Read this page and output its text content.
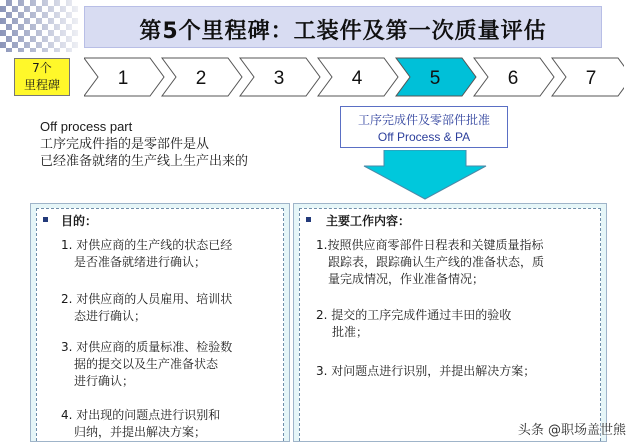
第5个里程碑：工装件及第一次质量评估
7个
里程碑	1	2	3	4	5	6	7
Off process part
工序完成件指的是零部件是从
已经准备就绪的生产线上生产出来的
工序完成件及零部件批准
Off Process & PA
目的：
1. 对供应商的生产线的状态已经
是否准备就绪进行确认；
2. 对供应商的人员雇用、培训状
态进行确认；
3. 对供应商的质量标准、检验数
据的提交以及生产准备状态
进行确认；
4. 对出现的问题点进行识别和
归纳，并提出解决方案；
主要工作内容：
1.按照供应商零部件日程表和关键质量指标
跟踪表，跟踪确认生产线的准备状态，质
量完成情况，作业准备情况；
2. 提交的工序完成件通过丰田的验收
批准；
3. 对问题点进行识别，并提出解决方案；
头条 @职场盖世熊
